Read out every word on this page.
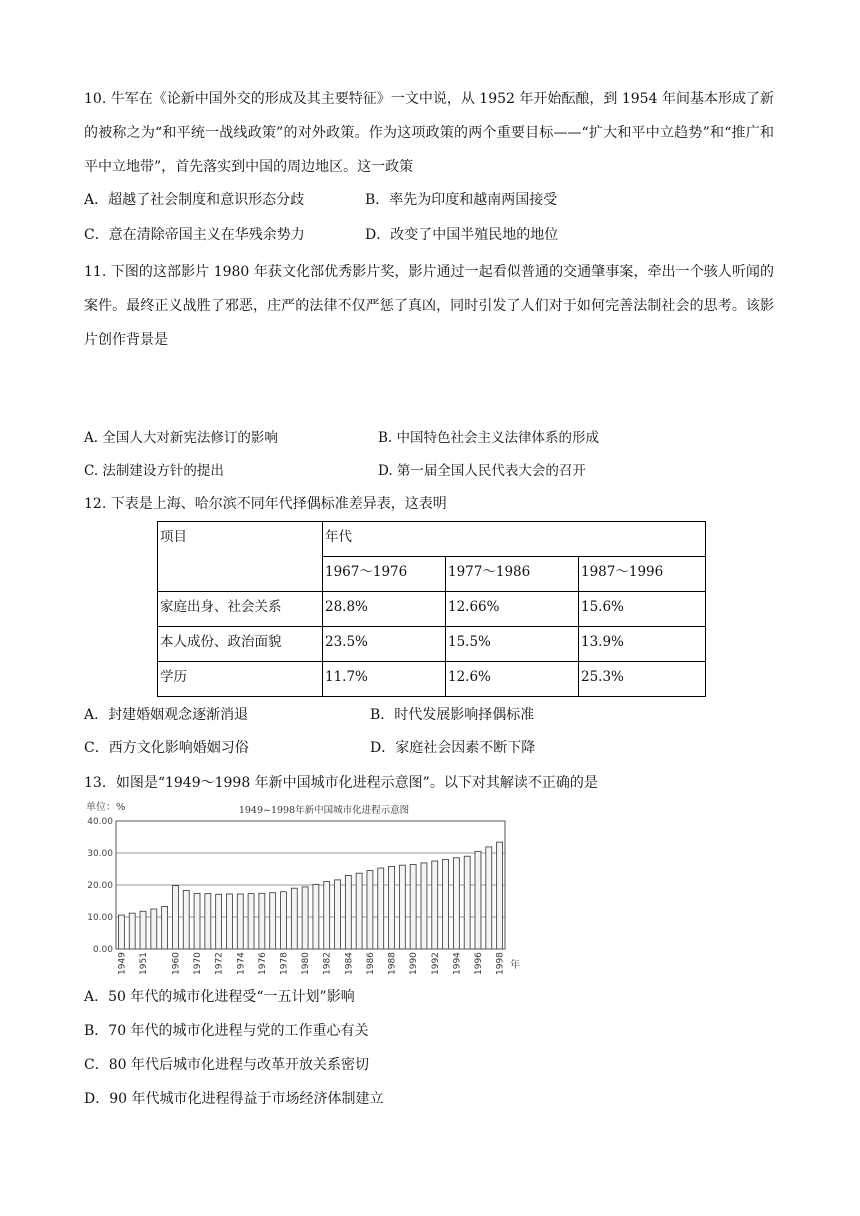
10. 牛军在《论新中国外交的形成及其主要特征》一文中说，从 1952 年开始酝酿，到 1954 年间基本形成了新的被称之为“和平统一战线政策”的对外政策。作为这项政策的两个重要目标——“扩大和平中立趋势”和“推广和平中立地带”，首先落实到中国的周边地区。这一政策
A．超越了社会制度和意识形态分歧	B．率先为印度和越南两国接受
C．意在清除帝国主义在华残余势力	D．改变了中国半殖民地的地位
11. 下图的这部影片 1980 年获文化部优秀影片奖，影片通过一起看似普通的交通肇事案，牵出一个骇人听闻的案件。最终正义战胜了邪恶，庄严的法律不仅严惩了真凶，同时引发了人们对于如何完善法制社会的思考。该影片创作背景是
A. 全国人大对新宪法修订的影响	B. 中国特色社会主义法律体系的形成
C. 法制建设方针的提出	D. 第一届全国人民代表大会的召开
12. 下表是上海、哈尔滨不同年代择偶标准差异表，这表明
项目	年代		
	1967～1976	1977～1986	1987～1996
家庭出身、社会关系	28.8%	12.66%	15.6%
本人成份、政治面貌	23.5%	15.5%	13.9%
学历	11.7%	12.6%	25.3%
A．封建婚姻观念逐渐消退	B．时代发展影响择偶标准
C．西方文化影响婚姻习俗	D．家庭社会因素不断下降
13．如图是“1949～1998 年新中国城市化进程示意图”。以下对其解读不正确的是
单位：%	1949~1998年新中国城市化进程示意图
0.00
10.00
20.00
30.00
40.00
1949 1951 1960 1970 1972 1974 1976 1978 1980 1982 1984 1986 1988 1990 1992 1994 1996 1998 年
A．50 年代的城市化进程受“一五计划”影响
B．70 年代的城市化进程与党的工作重心有关
C．80 年代后城市化进程与改革开放关系密切
D．90 年代城市化进程得益于市场经济体制建立
